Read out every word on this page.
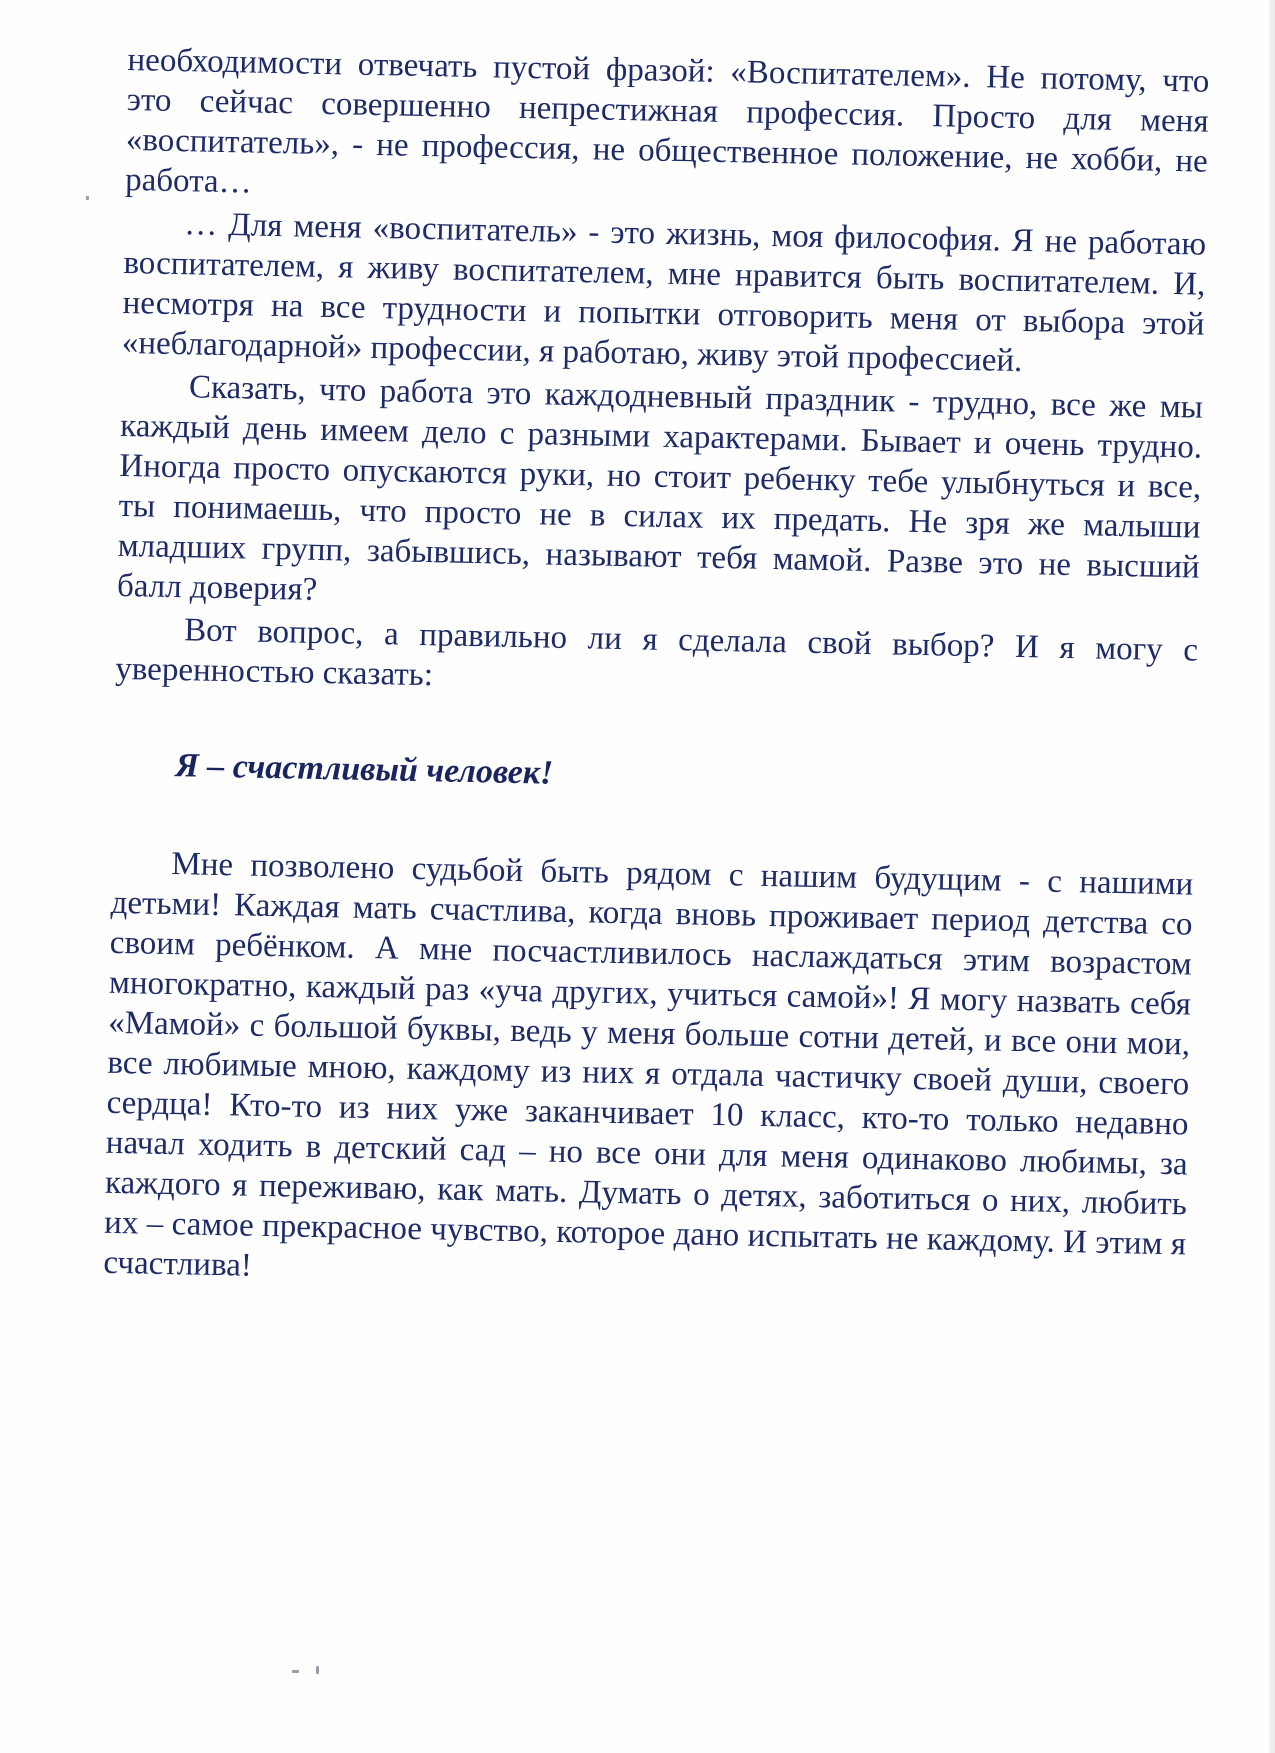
необходимости отвечать пустой фразой: «Воспитателем». Не потому, что это сейчас совершенно непрестижная профессия. Просто для меня «воспитатель», - не профессия, не общественное положение, не хобби, не работа…

… Для меня «воспитатель» - это жизнь, моя философия. Я не работаю воспитателем, я живу воспитателем, мне нравится быть воспитателем. И, несмотря на все трудности и попытки отговорить меня от выбора этой «неблагодарной» профессии, я работаю, живу этой профессией.

Сказать, что работа это каждодневный праздник - трудно, все же мы каждый день имеем дело с разными характерами. Бывает и очень трудно. Иногда просто опускаются руки, но стоит ребенку тебе улыбнуться и все, ты понимаешь, что просто не в силах их предать. Не зря же малыши младших групп, забывшись, называют тебя мамой. Разве это не высший балл доверия?

Вот вопрос, а правильно ли я сделала свой выбор? И я могу с уверенностью сказать:

Я – счастливый человек!

Мне позволено судьбой быть рядом с нашим будущим - с нашими детьми! Каждая мать счастлива, когда вновь проживает период детства со своим ребёнком. А мне посчастливилось наслаждаться этим возрастом многократно, каждый раз «уча других, учиться самой»! Я могу назвать себя «Мамой» с большой буквы, ведь у меня больше сотни детей, и все они мои, все любимые мною, каждому из них я отдала частичку своей души, своего сердца! Кто-то из них уже заканчивает 10 класс, кто-то только недавно начал ходить в детский сад – но все они для меня одинаково любимы, за каждого я переживаю, как мать. Думать о детях, заботиться о них, любить их – самое прекрасное чувство, которое дано испытать не каждому. И этим я счастлива!
